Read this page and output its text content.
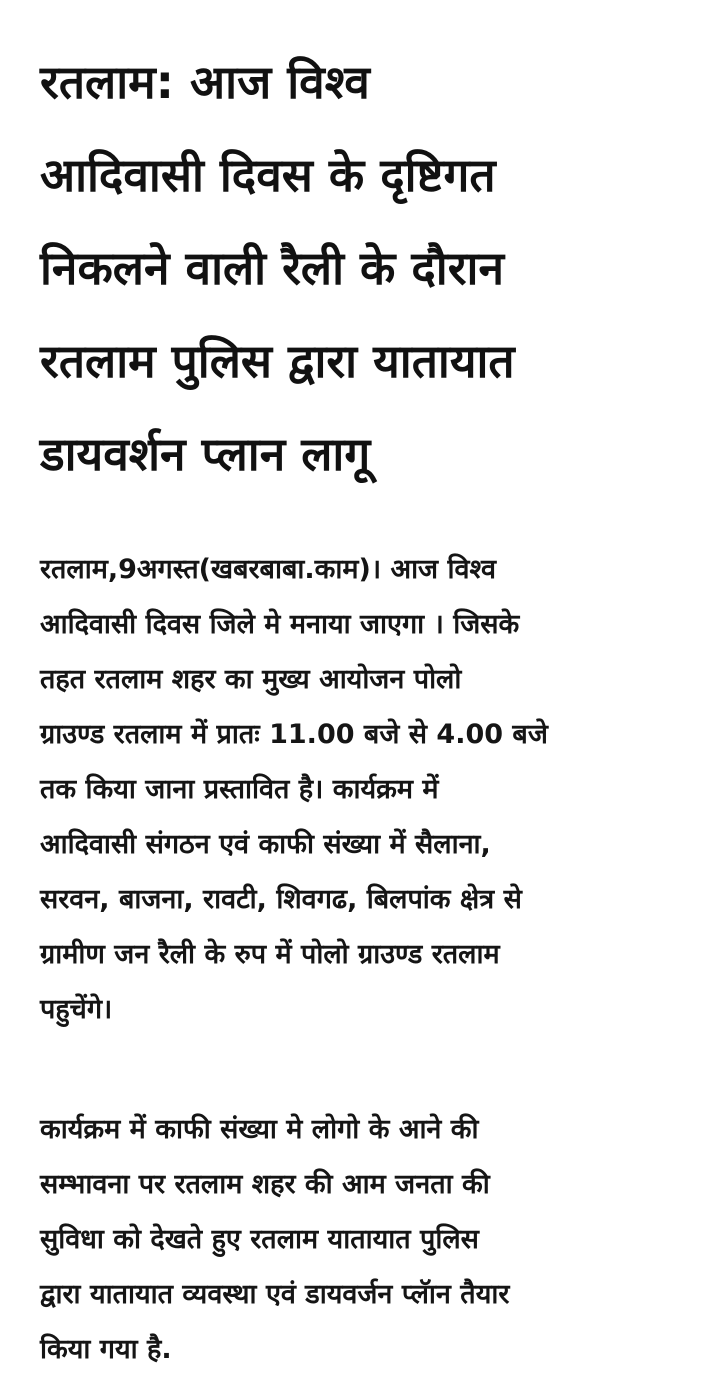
रतलाम: आज विश्व
आदिवासी दिवस के दृष्टिगत
निकलने वाली रैली के दौरान
रतलाम पुलिस द्वारा यातायात
डायवर्शन प्लान लागू

रतलाम,9अगस्त(खबरबाबा.काम)। आज विश्व
आदिवासी दिवस जिले मे मनाया जाएगा । जिसके
तहत रतलाम शहर का मुख्य आयोजन पोलो
ग्राउण्ड रतलाम में प्रातः 11.00 बजे से 4.00 बजे
तक किया जाना प्रस्तावित है। कार्यक्रम में
आदिवासी संगठन एवं काफी संख्या में सैलाना,
सरवन, बाजना, रावटी, शिवगढ, बिलपांक क्षेत्र से
ग्रामीण जन रैली के रुप में पोलो ग्राउण्ड रतलाम
पहुचेंगे।

कार्यक्रम में काफी संख्या मे लोगो के आने की
सम्भावना पर रतलाम शहर की आम जनता की
सुविधा को देखते हुए रतलाम यातायात पुलिस
द्वारा यातायात व्यवस्था एवं डायवर्जन प्लॅान तैयार
किया गया है.
